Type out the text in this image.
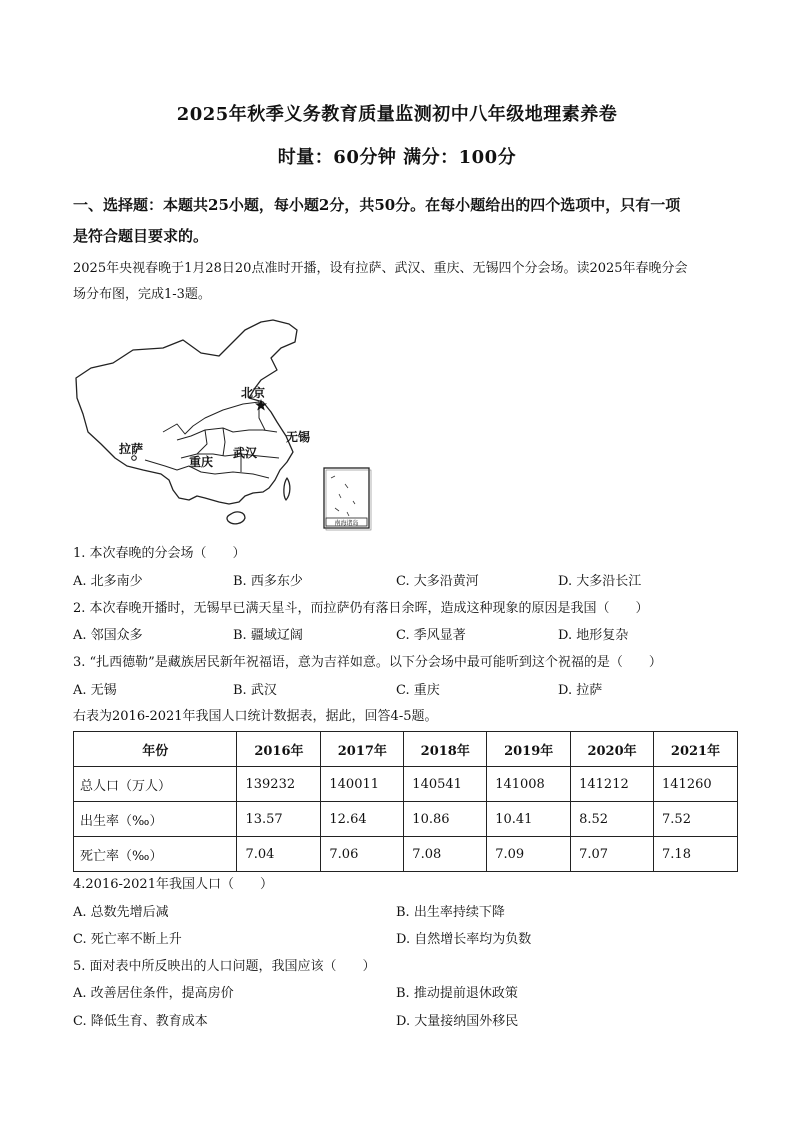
2025年秋季义务教育质量监测初中八年级地理素养卷
时量：60分钟 满分：100分
一、选择题：本题共25小题，每小题2分，共50分。在每小题给出的四个选项中，只有一项
是符合题目要求的。
2025年央视春晚于1月28日20点准时开播，设有拉萨、武汉、重庆、无锡四个分会场。读2025年春晚分会
场分布图，完成1-3题。
北京
无锡
拉萨
重庆
武汉
南海诸岛
1. 本次春晚的分会场（　　）
A. 北多南少	B. 西多东少	C. 大多沿黄河	D. 大多沿长江
2. 本次春晚开播时，无锡早已满天星斗，而拉萨仍有落日余晖，造成这种现象的原因是我国（　　）
A. 邻国众多	B. 疆域辽阔	C. 季风显著	D. 地形复杂
3. “扎西德勒”是藏族居民新年祝福语，意为吉祥如意。以下分会场中最可能听到这个祝福的是（　　）
A. 无锡	B. 武汉	C. 重庆	D. 拉萨
右表为2016-2021年我国人口统计数据表，据此，回答4-5题。
年份	2016年	2017年	2018年	2019年	2020年	2021年
总人口（万人）	139232	140011	140541	141008	141212	141260
出生率（‰）	13.57	12.64	10.86	10.41	8.52	7.52
死亡率（‰）	7.04	7.06	7.08	7.09	7.07	7.18
4.2016-2021年我国人口（　　）
A. 总数先增后减	B. 出生率持续下降
C. 死亡率不断上升	D. 自然增长率均为负数
5. 面对表中所反映出的人口问题，我国应该（　　）
A. 改善居住条件，提高房价	B. 推动提前退休政策
C. 降低生育、教育成本	D. 大量接纳国外移民
